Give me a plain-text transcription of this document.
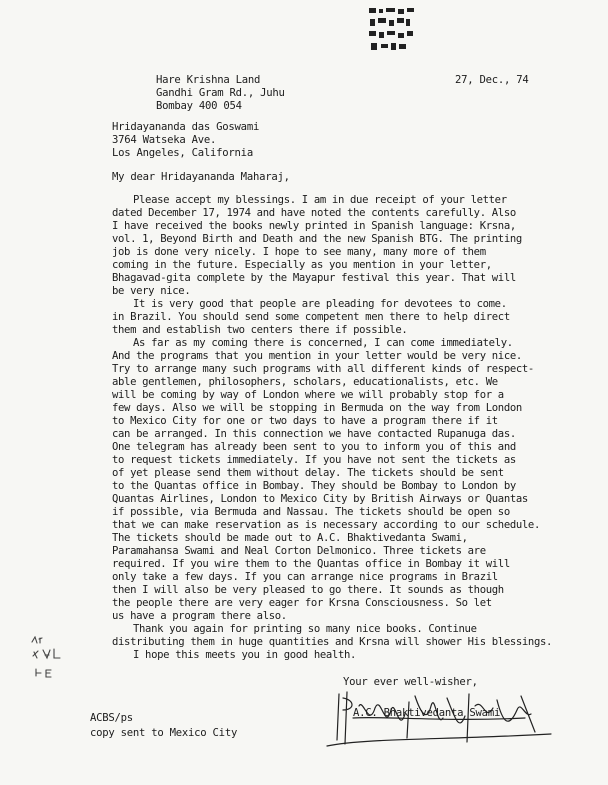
Hare Krishna Land
Gandhi Gram Rd., Juhu
Bombay 400 054
27, Dec., 74
Hridayananda das Goswami
3764 Watseka Ave.
Los Angeles, California
My dear Hridayananda Maharaj,
Please accept my blessings. I am in due receipt of your letter
dated December 17, 1974 and have noted the contents carefully. Also
I have received the books newly printed in Spanish language: Krsna,
vol. 1, Beyond Birth and Death and the new Spanish BTG. The printing
job is done very nicely. I hope to see many, many more of them
coming in the future. Especially as you mention in your letter,
Bhagavad-gita complete by the Mayapur festival this year. That will
be very nice.
It is very good that people are pleading for devotees to come.
in Brazil. You should send some competent men there to help direct
them and establish two centers there if possible.
As far as my coming there is concerned, I can come immediately.
And the programs that you mention in your letter would be very nice.
Try to arrange many such programs with all different kinds of respect-
able gentlemen, philosophers, scholars, educationalists, etc. We
will be coming by way of London where we will probably stop for a
few days. Also we will be stopping in Bermuda on the way from London
to Mexico City for one or two days to have a program there if it
can be arranged. In this connection we have contacted Rupanuga das.
One telegram has already been sent to you to inform you of this and
to request tickets immediately. If you have not sent the tickets as
of yet please send them without delay. The tickets should be sent
to the Quantas office in Bombay. They should be Bombay to London by
Quantas Airlines, London to Mexico City by British Airways or Quantas
if possible, via Bermuda and Nassau. The tickets should be open so
that we can make reservation as is necessary according to our schedule.
The tickets should be made out to A.C. Bhaktivedanta Swami,
Paramahansa Swami and Neal Corton Delmonico. Three tickets are
required. If you wire them to the Quantas office in Bombay it will
only take a few days. If you can arrange nice programs in Brazil
then I will also be very pleased to go there. It sounds as though
the people there are very eager for Krsna Consciousness. So let
us have a program there also.
Thank you again for printing so many nice books. Continue
distributing them in huge quantities and Krsna will shower His blessings.
I hope this meets you in good health.
Your ever well-wisher,
A.C. Bhaktivedanta Swami
ACBS/ps
copy sent to Mexico City
